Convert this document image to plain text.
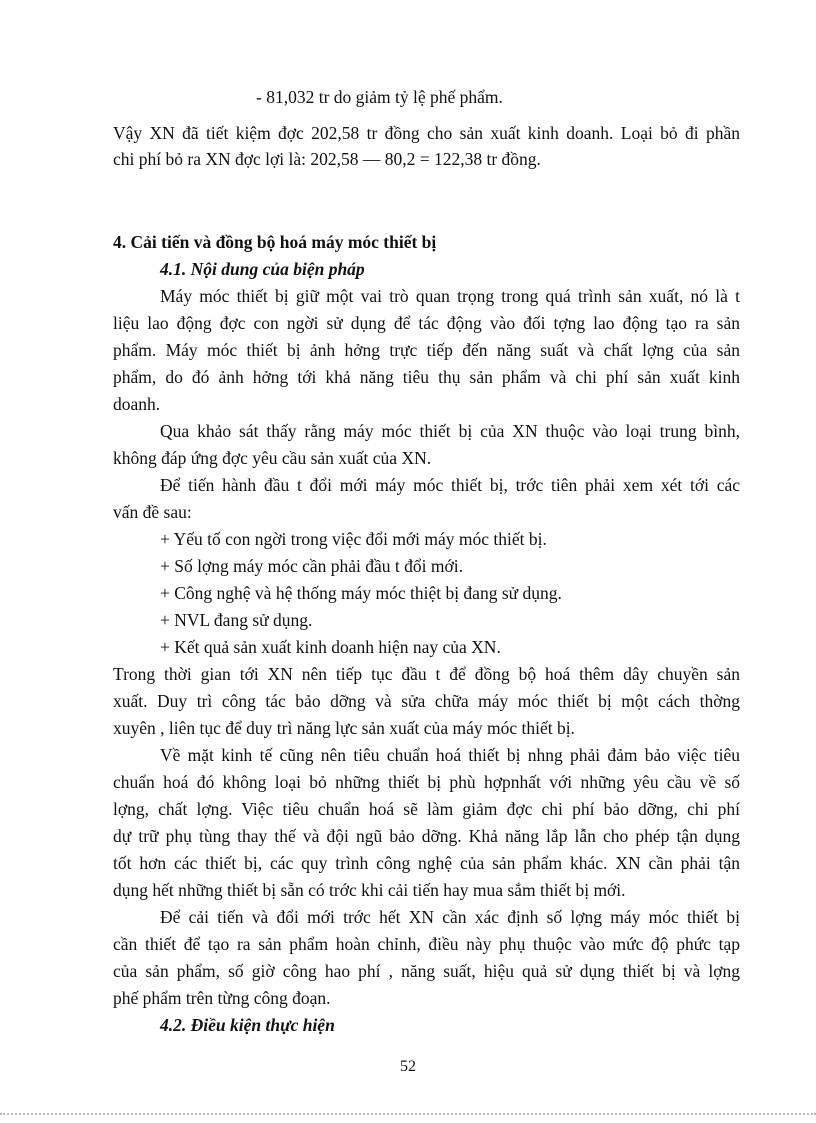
- 81,032 tr do giảm tỷ lệ phế phẩm.
Vậy XN đã tiết kiệm đợc 202,58 tr đồng cho sản xuất kinh doanh. Loại bỏ đi phần
chi phí bỏ ra XN đợc lợi là: 202,58 — 80,2 = 122,38 tr đồng.
4. Cải tiến và đồng bộ hoá máy móc thiết bị
4.1. Nội dung của biện pháp
Máy móc thiết bị giữ một vai trò quan trọng trong quá trình sản xuất, nó là t
liệu lao động đợc con ngời sử dụng để tác động vào đối tợng lao động tạo ra sản
phẩm. Máy móc thiết bị ảnh hởng trực tiếp đến năng suất và chất lợng của sản
phẩm, do đó ảnh hởng tới khả năng tiêu thụ sản phẩm và chi phí sản xuất kinh
doanh.
Qua khảo sát thấy rằng máy móc thiết bị của XN thuộc vào loại trung bình,
không đáp ứng đợc yêu cầu sản xuất của XN.
Để tiến hành đầu t đổi mới máy móc thiết bị, trớc tiên phải xem xét tới các
vấn đề sau:
+ Yếu tố con ngời trong việc đổi mới máy móc thiết bị.
+ Số lợng máy móc cần phải đầu t đổi mới.
+ Công nghệ và hệ thống máy móc thiệt bị đang sử dụng.
+ NVL đang sử dụng.
+ Kết quả sản xuất kinh doanh hiện nay của XN.
Trong thời gian tới XN nên tiếp tục đầu t để đồng bộ hoá thêm dây chuyền sản
xuất. Duy trì công tác bảo dỡng và sửa chữa máy móc thiết bị một cách thờng
xuyên , liên tục để duy trì năng lực sản xuất của máy móc thiết bị.
Về mặt kinh tế cũng nên tiêu chuẩn hoá thiết bị nhng phải đảm bảo việc tiêu
chuẩn hoá đó không loại bỏ những thiết bị phù hợpnhất với những yêu cầu về số
lợng, chất lợng. Việc tiêu chuẩn hoá sẽ làm giảm đợc chi phí bảo dỡng, chi phí
dự trữ phụ tùng thay thế và đội ngũ bảo dỡng. Khả năng lắp lẫn cho phép tận dụng
tốt hơn các thiết bị, các quy trình công nghệ của sản phẩm khác. XN cần phải tận
dụng hết những thiết bị sẵn có trớc khi cải tiến hay mua sắm thiết bị mới.
Để cải tiến và đổi mới trớc hết XN cần xác định số lợng máy móc thiết bị
cần thiết để tạo ra sản phẩm hoàn chỉnh, điều này phụ thuộc vào mức độ phức tạp
của sản phẩm, số giờ công hao phí , năng suất, hiệu quả sử dụng thiết bị và lợng
phế phẩm trên từng công đoạn.
4.2. Điều kiện thực hiện
52
